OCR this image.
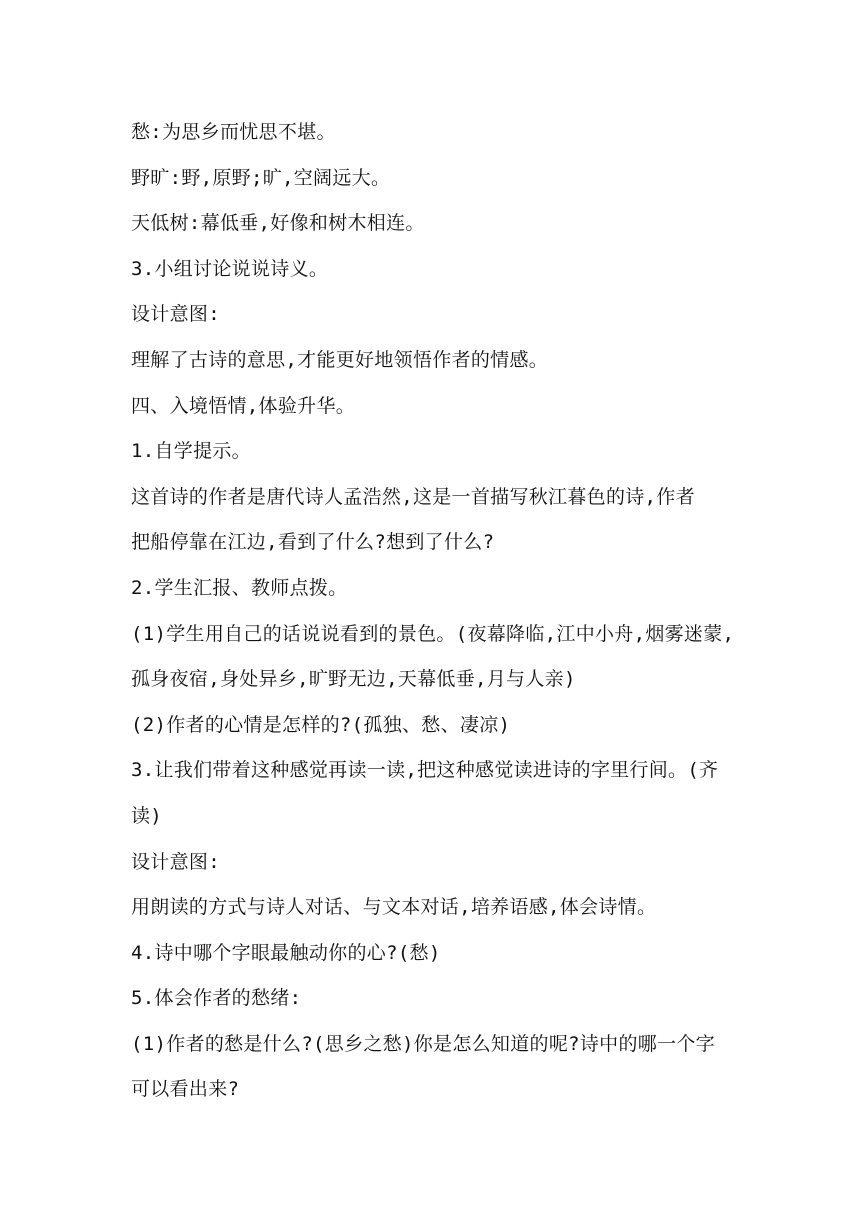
愁:为思乡而忧思不堪。
野旷:野,原野;旷,空阔远大。
天低树:幕低垂,好像和树木相连。
3.小组讨论说说诗义。
设计意图:
理解了古诗的意思,才能更好地领悟作者的情感。
四、入境悟情,体验升华。
1.自学提示。
这首诗的作者是唐代诗人孟浩然,这是一首描写秋江暮色的诗,作者
把船停靠在江边,看到了什么?想到了什么?
2.学生汇报、教师点拨。
(1)学生用自己的话说说看到的景色。(夜幕降临,江中小舟,烟雾迷蒙,
孤身夜宿,身处异乡,旷野无边,天幕低垂,月与人亲)
(2)作者的心情是怎样的?(孤独、愁、凄凉)
3.让我们带着这种感觉再读一读,把这种感觉读进诗的字里行间。(齐
读)
设计意图:
用朗读的方式与诗人对话、与文本对话,培养语感,体会诗情。
4.诗中哪个字眼最触动你的心?(愁)
5.体会作者的愁绪:
(1)作者的愁是什么?(思乡之愁)你是怎么知道的呢?诗中的哪一个字
可以看出来?
